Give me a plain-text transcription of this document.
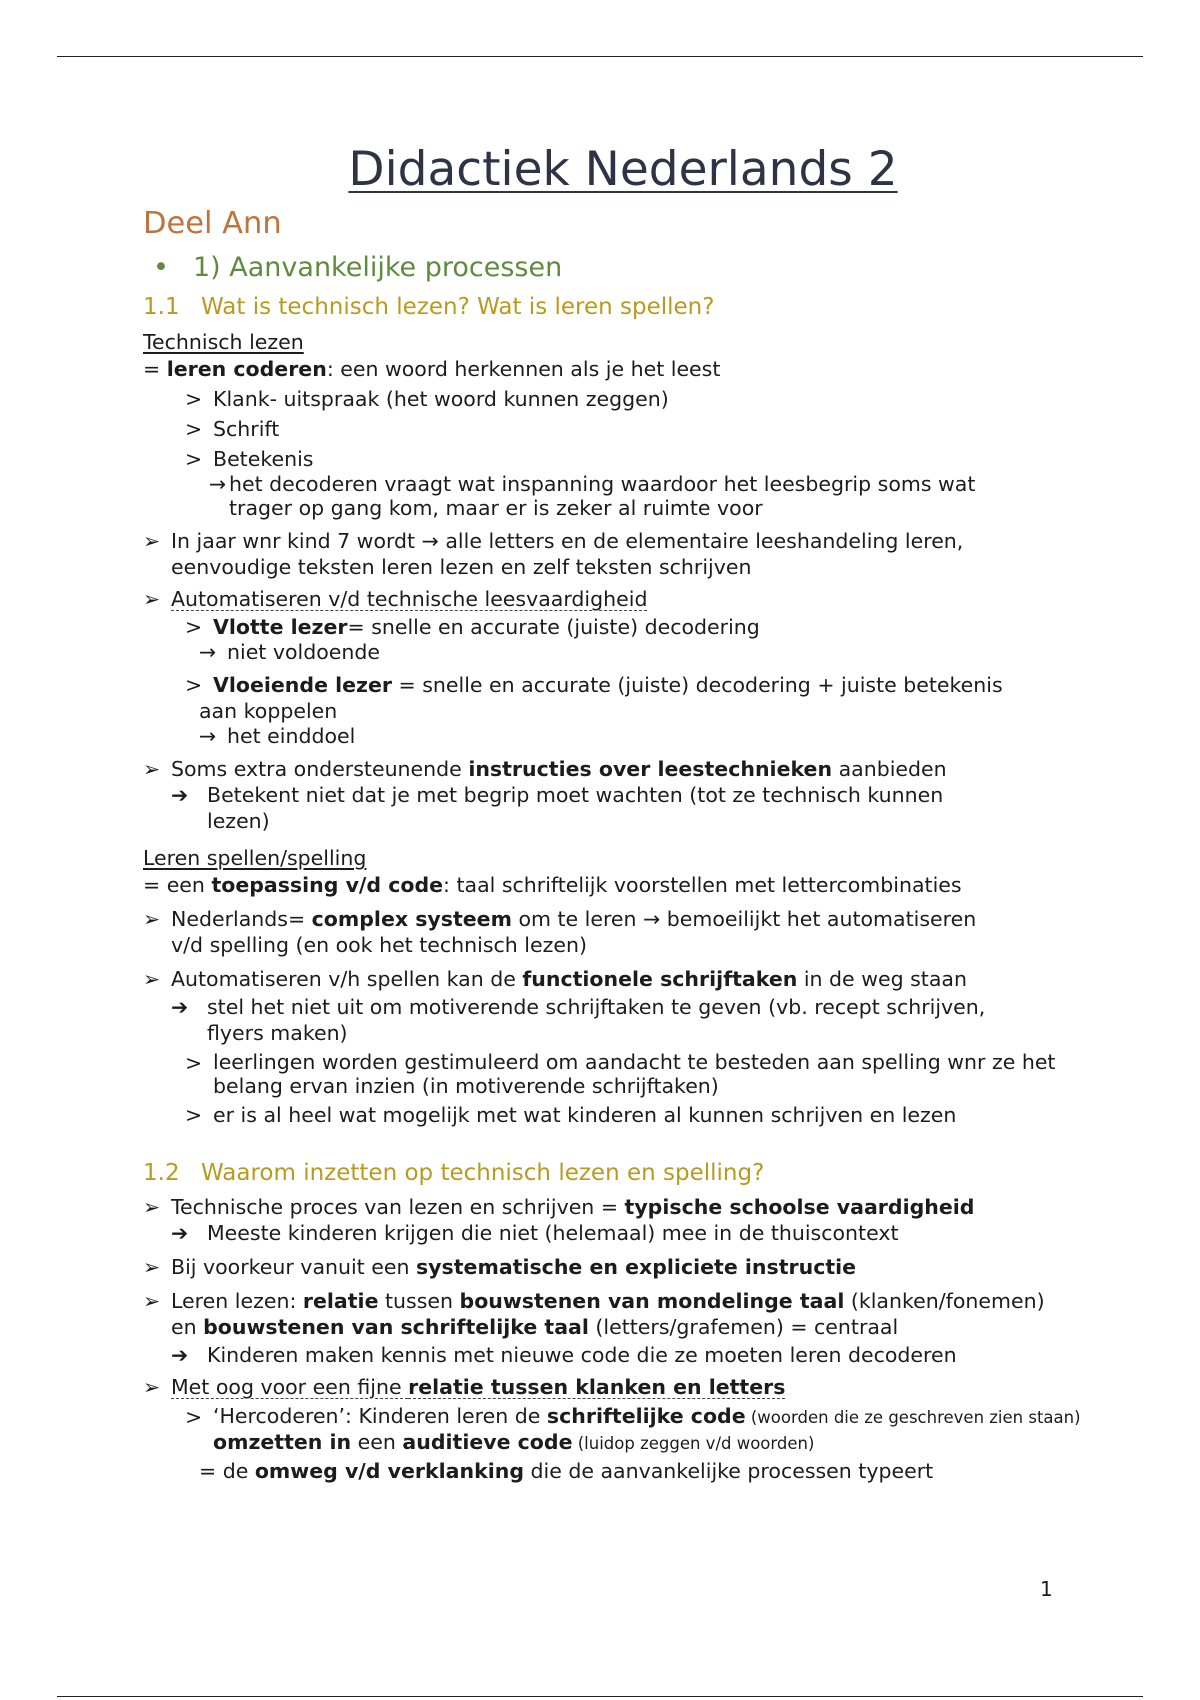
Didactiek Nederlands 2
Deel Ann
• 1) Aanvankelijke processen
1.1 Wat is technisch lezen? Wat is leren spellen?
Technisch lezen
= leren coderen: een woord herkennen als je het leest
> Klank- uitspraak (het woord kunnen zeggen)
> Schrift
> Betekenis
→ het decoderen vraagt wat inspanning waardoor het leesbegrip soms wat
trager op gang kom, maar er is zeker al ruimte voor
➢ In jaar wnr kind 7 wordt → alle letters en de elementaire leeshandeling leren,
eenvoudige teksten leren lezen en zelf teksten schrijven
➢ Automatiseren v/d technische leesvaardigheid
> Vlotte lezer= snelle en accurate (juiste) decodering
→ niet voldoende
> Vloeiende lezer = snelle en accurate (juiste) decodering + juiste betekenis
aan koppelen
→ het einddoel
➢ Soms extra ondersteunende instructies over leestechnieken aanbieden
➔ Betekent niet dat je met begrip moet wachten (tot ze technisch kunnen lezen)
Leren spellen/spelling
= een toepassing v/d code: taal schriftelijk voorstellen met lettercombinaties
➢ Nederlands= complex systeem om te leren → bemoeilijkt het automatiseren
v/d spelling (en ook het technisch lezen)
➢ Automatiseren v/h spellen kan de functionele schrijftaken in de weg staan
➔ stel het niet uit om motiverende schrijftaken te geven (vb. recept schrijven, flyers maken)
> leerlingen worden gestimuleerd om aandacht te besteden aan spelling wnr ze het belang ervan inzien (in motiverende schrijftaken)
> er is al heel wat mogelijk met wat kinderen al kunnen schrijven en lezen
1.2 Waarom inzetten op technisch lezen en spelling?
➢ Technische proces van lezen en schrijven = typische schoolse vaardigheid
➔ Meeste kinderen krijgen die niet (helemaal) mee in de thuiscontext
➢ Bij voorkeur vanuit een systematische en expliciete instructie
➢ Leren lezen: relatie tussen bouwstenen van mondelinge taal (klanken/fonemen) en bouwstenen van schriftelijke taal (letters/grafemen) = centraal
➔ Kinderen maken kennis met nieuwe code die ze moeten leren decoderen
➢ Met oog voor een fijne relatie tussen klanken en letters
> ‘Hercoderen’: Kinderen leren de schriftelijke code (woorden die ze geschreven zien staan) omzetten in een auditieve code (luidop zeggen v/d woorden)
= de omweg v/d verklanking die de aanvankelijke processen typeert
1
